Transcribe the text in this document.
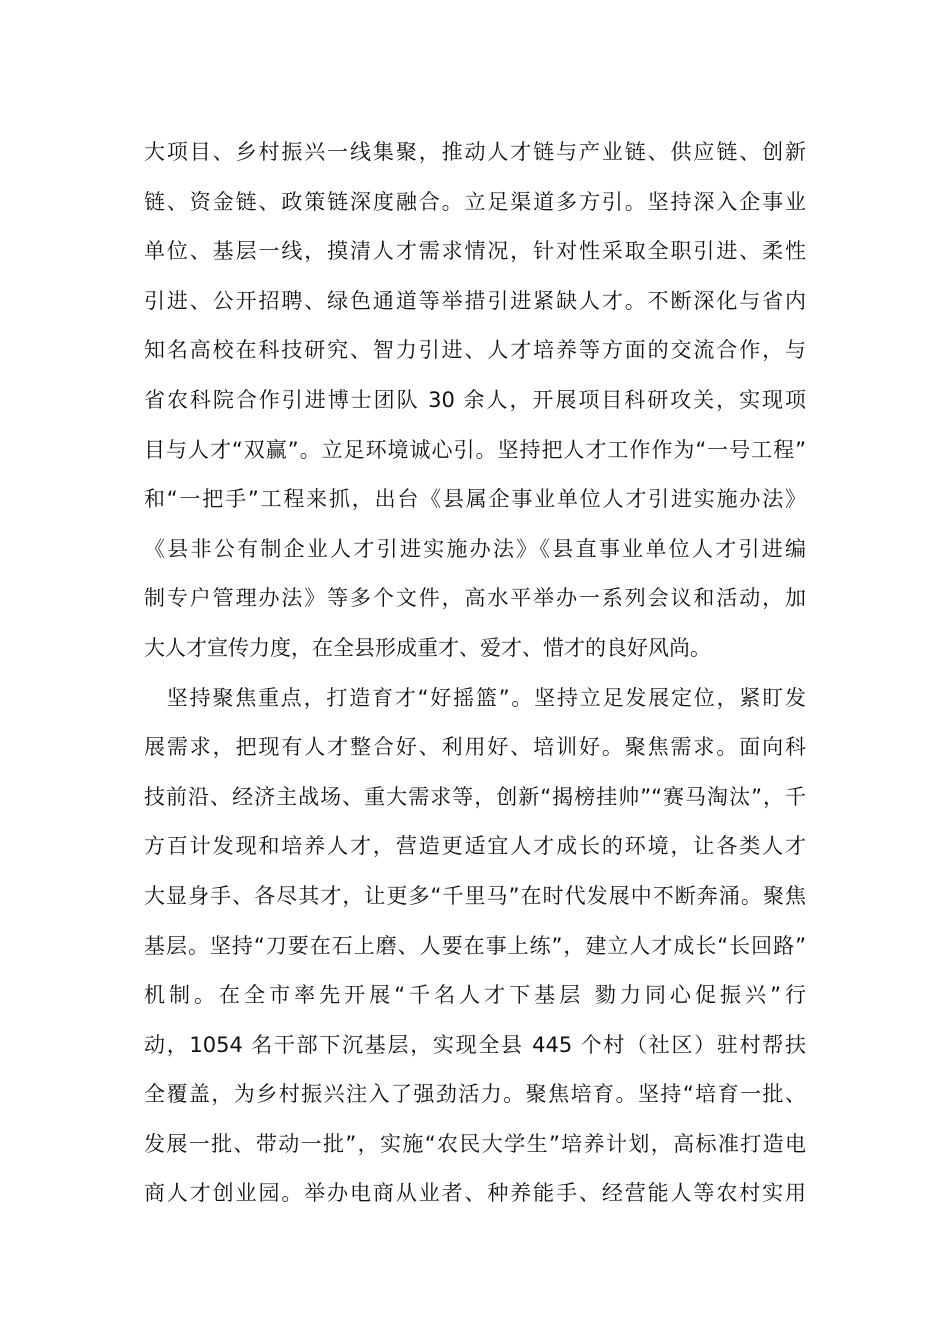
大项目、乡村振兴一线集聚，推动人才链与产业链、供应链、创新
链、资金链、政策链深度融合。立足渠道多方引。坚持深入企事业
单位、基层一线，摸清人才需求情况，针对性采取全职引进、柔性
引进、公开招聘、绿色通道等举措引进紧缺人才。不断深化与省内
知名高校在科技研究、智力引进、人才培养等方面的交流合作，与
省农科院合作引进博士团队 30 余人，开展项目科研攻关，实现项
目与人才“双赢”。立足环境诚心引。坚持把人才工作作为“一号工程”
和“一把手”工程来抓，出台《县属企事业单位人才引进实施办法》
《县非公有制企业人才引进实施办法》《县直事业单位人才引进编
制专户管理办法》等多个文件，高水平举办一系列会议和活动，加
大人才宣传力度，在全县形成重才、爱才、惜才的良好风尚。
　坚持聚焦重点，打造育才“好摇篮”。坚持立足发展定位，紧盯发
展需求，把现有人才整合好、利用好、培训好。聚焦需求。面向科
技前沿、经济主战场、重大需求等，创新“揭榜挂帅”“赛马淘汰”，千
方百计发现和培养人才，营造更适宜人才成长的环境，让各类人才
大显身手、各尽其才，让更多“千里马”在时代发展中不断奔涌。聚焦
基层。坚持“刀要在石上磨、人要在事上练”，建立人才成长“长回路”
机制。在全市率先开展“千名人才下基层 勠力同心促振兴”行
动，1054 名干部下沉基层，实现全县 445 个村（社区）驻村帮扶
全覆盖，为乡村振兴注入了强劲活力。聚焦培育。坚持“培育一批、
发展一批、带动一批”，实施“农民大学生”培养计划，高标准打造电
商人才创业园。举办电商从业者、种养能手、经营能人等农村实用
